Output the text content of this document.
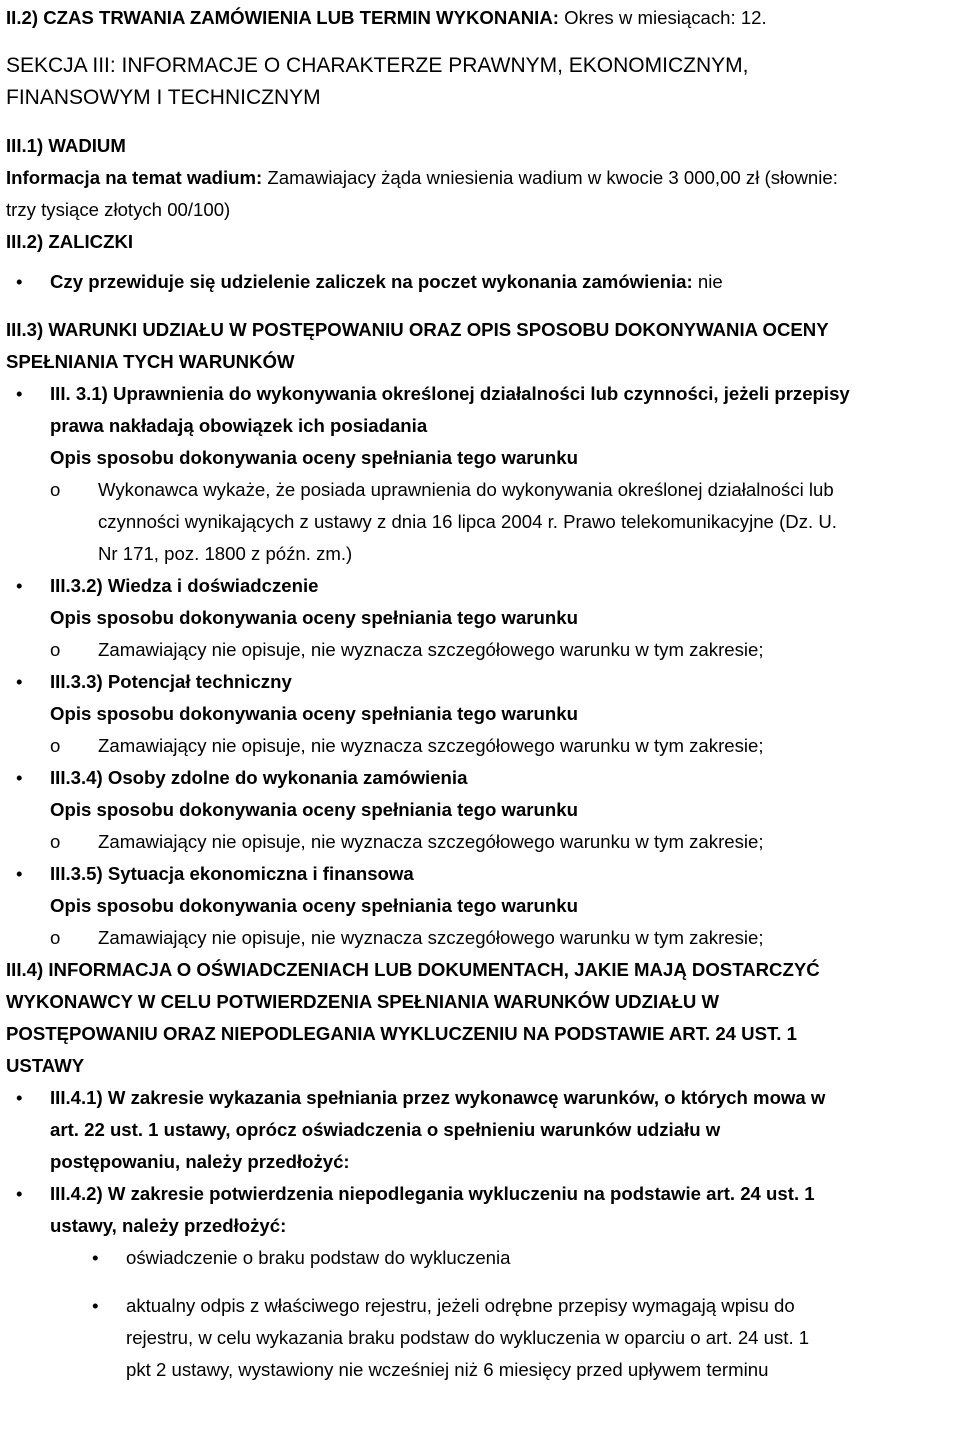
II.2) CZAS TRWANIA ZAMÓWIENIA LUB TERMIN WYKONANIA: Okres w miesiącach: 12.

SEKCJA III: INFORMACJE O CHARAKTERZE PRAWNYM, EKONOMICZNYM,

FINANSOWYM I TECHNICZNYM

III.1) WADIUM

Informacja na temat wadium: Zamawiajacy żąda wniesienia wadium w kwocie 3 000,00 zł (słownie:

trzy tysiące złotych 00/100)

III.2) ZALICZKI

•	Czy przewiduje się udzielenie zaliczek na poczet wykonania zamówienia: nie

III.3) WARUNKI UDZIAŁU W POSTĘPOWANIU ORAZ OPIS SPOSOBU DOKONYWANIA OCENY

SPEŁNIANIA TYCH WARUNKÓW

•	III. 3.1) Uprawnienia do wykonywania określonej działalności lub czynności, jeżeli przepisy

prawa nakładają obowiązek ich posiadania

Opis sposobu dokonywania oceny spełniania tego warunku

o Wykonawca wykaże, że posiada uprawnienia do wykonywania określonej działalności lub

czynności wynikających z ustawy z dnia 16 lipca 2004 r. Prawo telekomunikacyjne (Dz. U.

Nr 171, poz. 1800 z późn. zm.)

•	III.3.2) Wiedza i doświadczenie

Opis sposobu dokonywania oceny spełniania tego warunku

o Zamawiający nie opisuje, nie wyznacza szczegółowego warunku w tym zakresie;

•	III.3.3) Potencjał techniczny

Opis sposobu dokonywania oceny spełniania tego warunku

o Zamawiający nie opisuje, nie wyznacza szczegółowego warunku w tym zakresie;

•	III.3.4) Osoby zdolne do wykonania zamówienia

Opis sposobu dokonywania oceny spełniania tego warunku

o Zamawiający nie opisuje, nie wyznacza szczegółowego warunku w tym zakresie;

•	III.3.5) Sytuacja ekonomiczna i finansowa

Opis sposobu dokonywania oceny spełniania tego warunku

o Zamawiający nie opisuje, nie wyznacza szczegółowego warunku w tym zakresie;

III.4) INFORMACJA O OŚWIADCZENIACH LUB DOKUMENTACH, JAKIE MAJĄ DOSTARCZYĆ

WYKONAWCY W CELU POTWIERDZENIA SPEŁNIANIA WARUNKÓW UDZIAŁU W

POSTĘPOWANIU ORAZ NIEPODLEGANIA WYKLUCZENIU NA PODSTAWIE ART. 24 UST. 1

USTAWY

•	III.4.1) W zakresie wykazania spełniania przez wykonawcę warunków, o których mowa w

art. 22 ust. 1 ustawy, oprócz oświadczenia o spełnieniu warunków udziału w

postępowaniu, należy przedłożyć:

•	III.4.2) W zakresie potwierdzenia niepodlegania wykluczeniu na podstawie art. 24 ust. 1

ustawy, należy przedłożyć:

• oświadczenie o braku podstaw do wykluczenia

• aktualny odpis z właściwego rejestru, jeżeli odrębne przepisy wymagają wpisu do

rejestru, w celu wykazania braku podstaw do wykluczenia w oparciu o art. 24 ust. 1

pkt 2 ustawy, wystawiony nie wcześniej niż 6 miesięcy przed upływem terminu
